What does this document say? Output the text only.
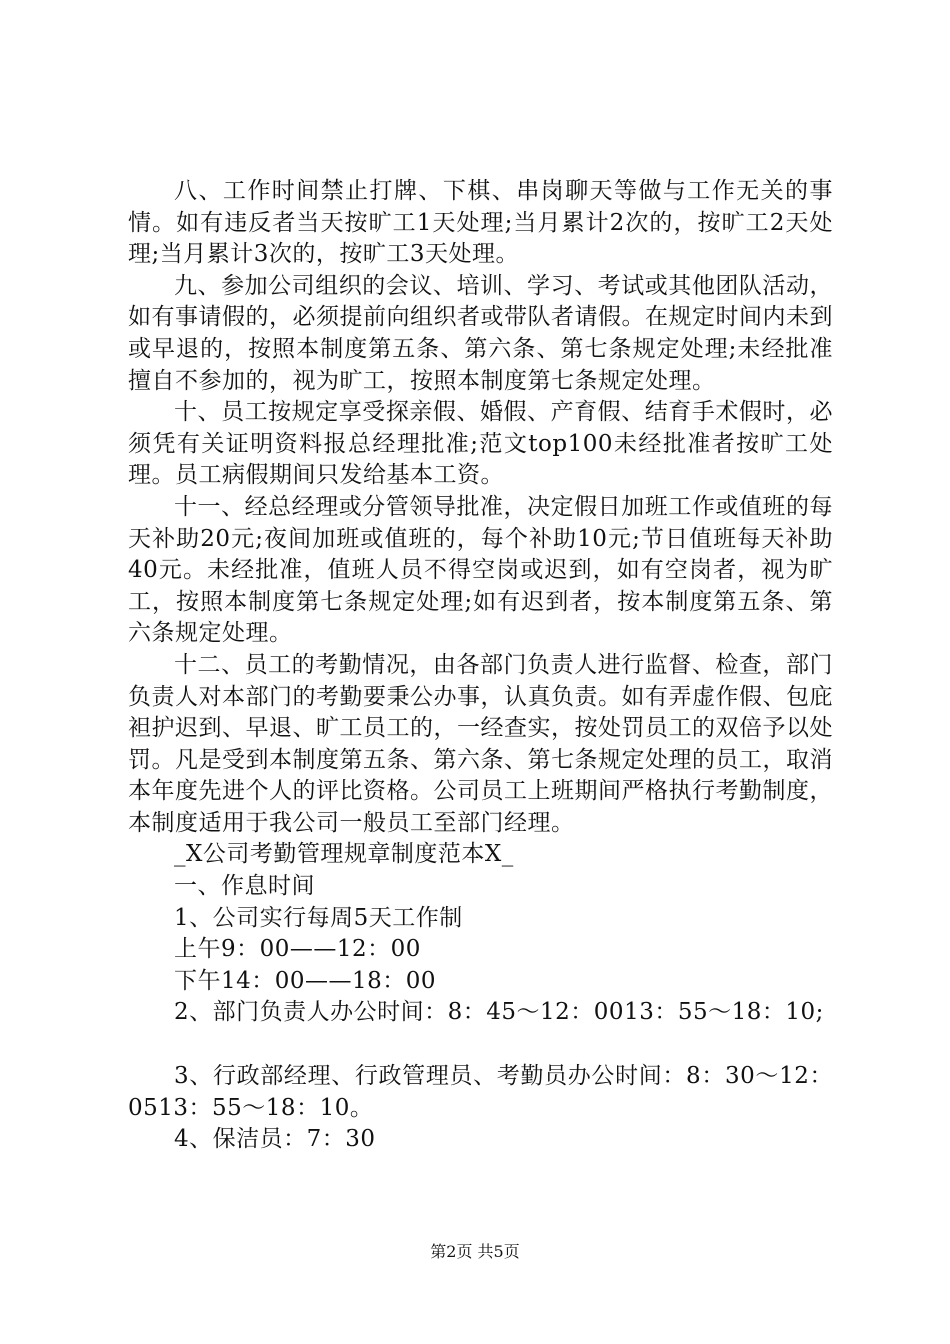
八、工作时间禁止打牌、下棋、串岗聊天等做与工作无关的事情。如有违反者当天按旷工1天处理;当月累计2次的，按旷工2天处理;当月累计3次的，按旷工3天处理。

九、参加公司组织的会议、培训、学习、考试或其他团队活动，如有事请假的，必须提前向组织者或带队者请假。在规定时间内未到或早退的，按照本制度第五条、第六条、第七条规定处理;未经批准擅自不参加的，视为旷工，按照本制度第七条规定处理。

十、员工按规定享受探亲假、婚假、产育假、结育手术假时，必须凭有关证明资料报总经理批准;范文top100未经批准者按旷工处理。员工病假期间只发给基本工资。

十一、经总经理或分管领导批准，决定假日加班工作或值班的每天补助20元;夜间加班或值班的，每个补助10元;节日值班每天补助40元。未经批准，值班人员不得空岗或迟到，如有空岗者，视为旷工，按照本制度第七条规定处理;如有迟到者，按本制度第五条、第六条规定处理。

十二、员工的考勤情况，由各部门负责人进行监督、检查，部门负责人对本部门的考勤要秉公办事，认真负责。如有弄虚作假、包庇袒护迟到、早退、旷工员工的，一经查实，按处罚员工的双倍予以处罚。凡是受到本制度第五条、第六条、第七条规定处理的员工，取消本年度先进个人的评比资格。公司员工上班期间严格执行考勤制度，本制度适用于我公司一般员工至部门经理。

_X公司考勤管理规章制度范本X_

一、作息时间

1、公司实行每周5天工作制

上午9：00——12：00

下午14：00——18：00

2、部门负责人办公时间：8：45～12：0013：55～18：10;

3、行政部经理、行政管理员、考勤员办公时间：8：30～12：0513：55～18：10。

4、保洁员：7：30

第2页 共5页
